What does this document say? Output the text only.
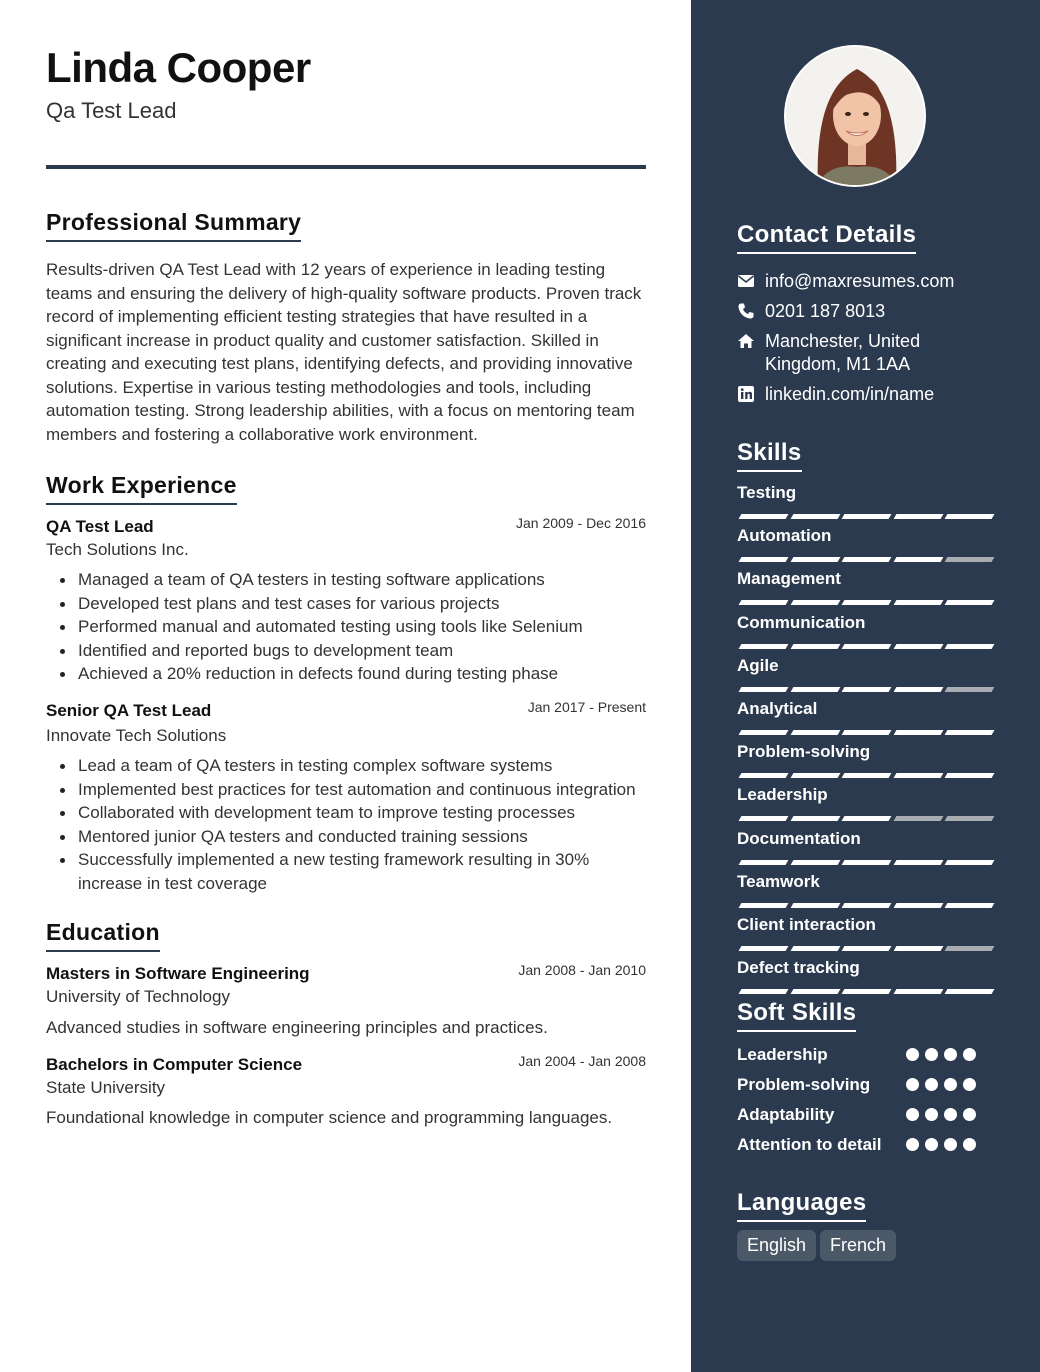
Linda Cooper
Qa Test Lead
Professional Summary

Results-driven QA Test Lead with 12 years of experience in leading testing teams and ensuring the delivery of high-quality software products. Proven track record of implementing efficient testing strategies that have resulted in a significant increase in product quality and customer satisfaction. Skilled in creating and executing test plans, identifying defects, and providing innovative solutions. Expertise in various testing methodologies and tools, including automation testing. Strong leadership abilities, with a focus on mentoring team members and fostering a collaborative work environment.

Work Experience
QA Test Lead	Jan 2009 - Dec 2016
Tech Solutions Inc.
Managed a team of QA testers in testing software applications
Developed test plans and test cases for various projects
Performed manual and automated testing using tools like Selenium
Identified and reported bugs to development team
Achieved a 20% reduction in defects found during testing phase
Senior QA Test Lead	Jan 2017 - Present
Innovate Tech Solutions
Lead a team of QA testers in testing complex software systems
Implemented best practices for test automation and continuous integration
Collaborated with development team to improve testing processes
Mentored junior QA testers and conducted training sessions
Successfully implemented a new testing framework resulting in 30% increase in test coverage
Education
Masters in Software Engineering	Jan 2008 - Jan 2010
University of Technology
Advanced studies in software engineering principles and practices.
Bachelors in Computer Science	Jan 2004 - Jan 2008
State University
Foundational knowledge in computer science and programming languages.
Contact Details
info@maxresumes.com
0201 187 8013
Manchester, United Kingdom, M1 1AA
linkedin.com/in/name
Skills
Testing
Automation
Management
Communication
Agile
Analytical
Problem-solving
Leadership
Documentation
Teamwork
Client interaction
Defect tracking
Soft Skills
Leadership
Problem-solving
Adaptability
Attention to detail
Languages
English	French
